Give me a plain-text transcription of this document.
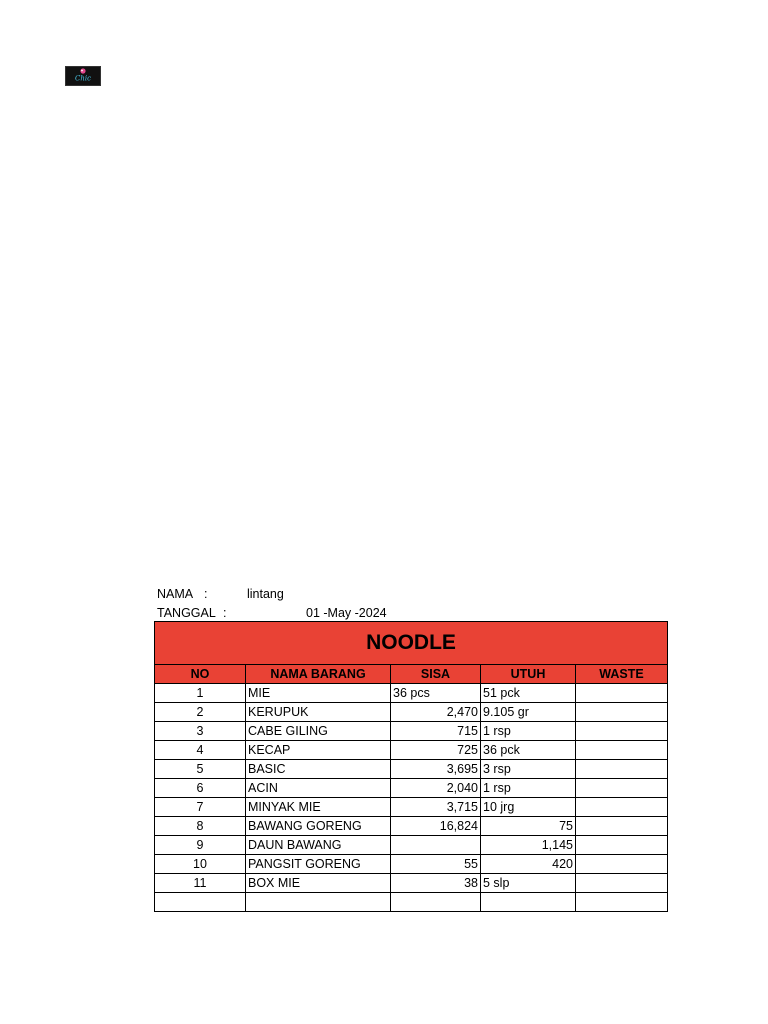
Chic
NAMA :	lintang
TANGGAL :	01 -May -2024
NOODLE				
NO	NAMA BARANG	SISA	UTUH	WASTE
1	MIE	36 pcs	51 pck	
2	KERUPUK	2,470	9.105 gr	
3	CABE GILING	715	1 rsp	
4	KECAP	725	36 pck	
5	BASIC	3,695	3 rsp	
6	ACIN	2,040	1 rsp	
7	MINYAK MIE	3,715	10 jrg	
8	BAWANG GORENG	16,824	75	
9	DAUN BAWANG		1,145	
10	PANGSIT GORENG	55	420	
11	BOX MIE	38	5 slp	
